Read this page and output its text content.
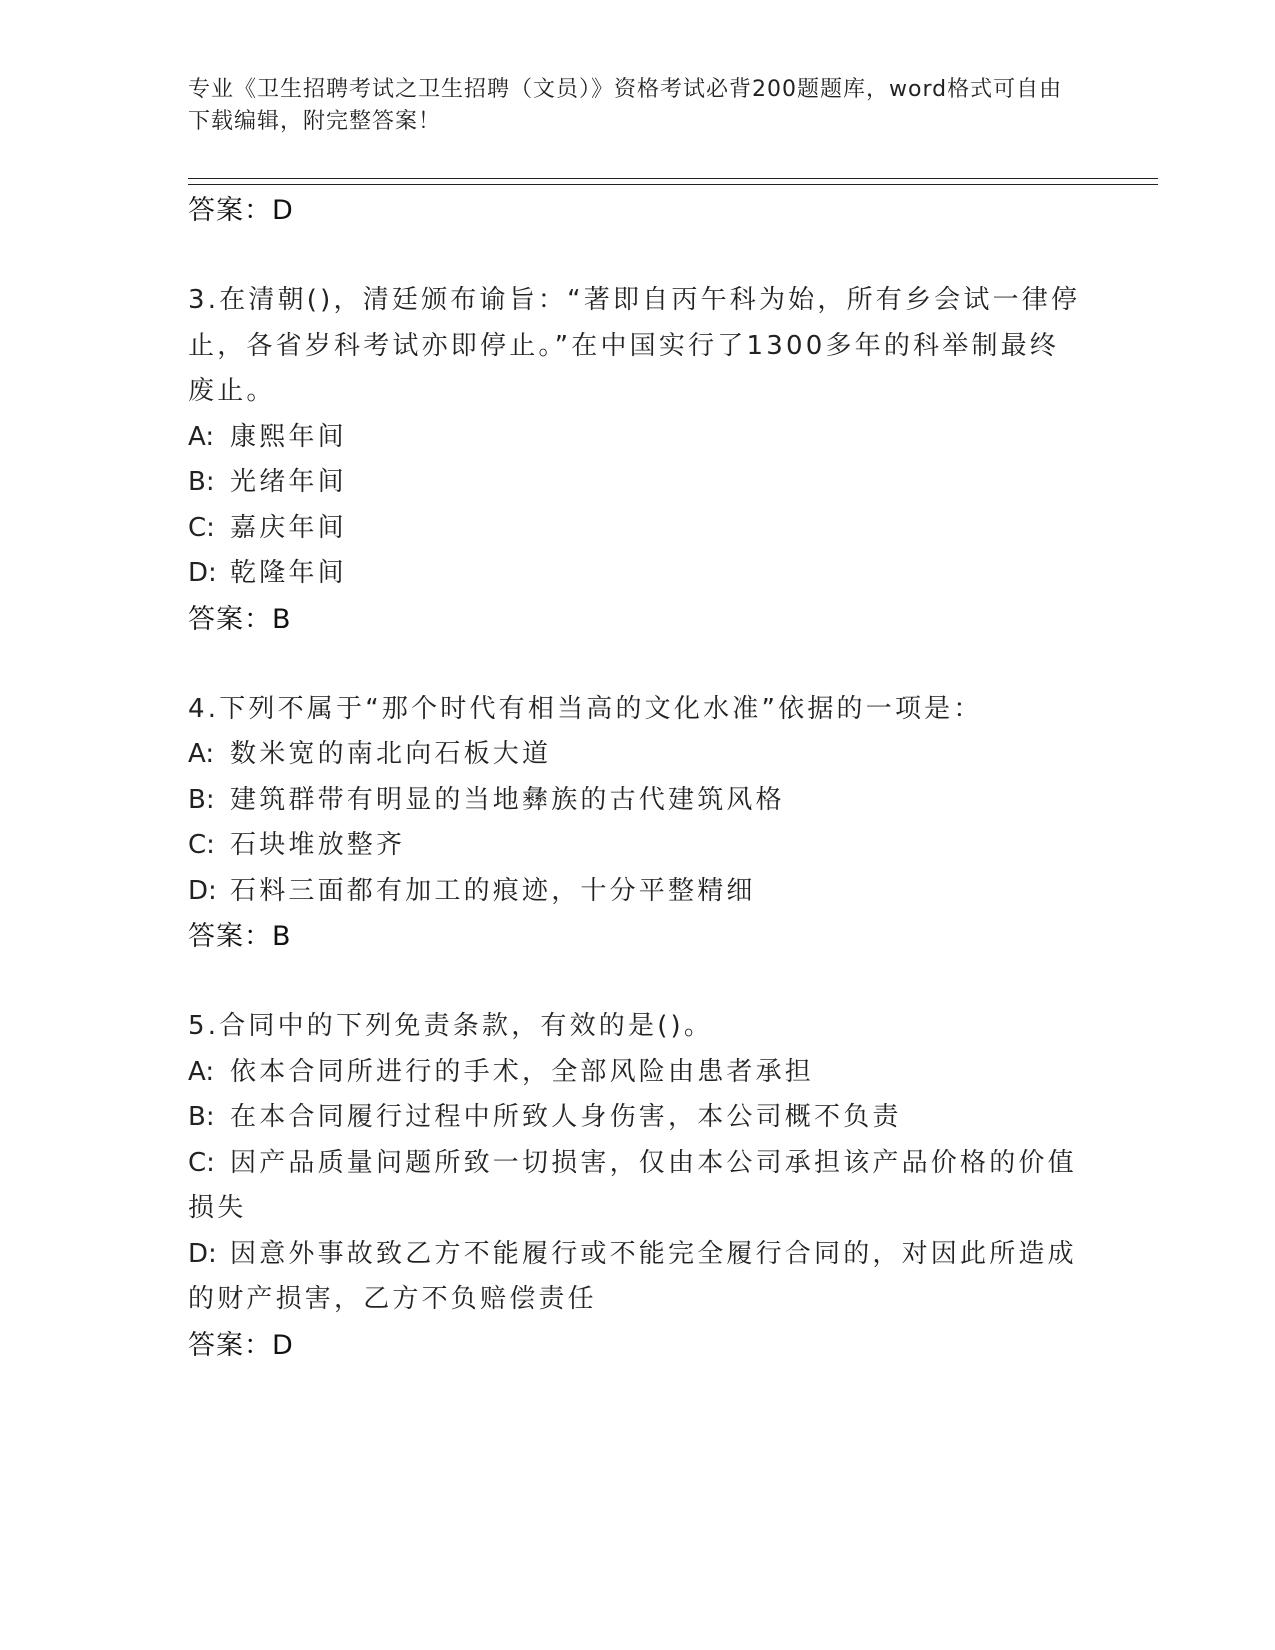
专业《卫生招聘考试之卫生招聘（文员）》资格考试必背200题题库，word格式可自由下载编辑，附完整答案！

答案：D

3.在清朝()，清廷颁布谕旨：“著即自丙午科为始，所有乡会试一律停止，各省岁科考试亦即停止。”在中国实行了1300多年的科举制最终废止。

A: 康熙年间

B: 光绪年间

C: 嘉庆年间

D: 乾隆年间

答案：B

4.下列不属于“那个时代有相当高的文化水准”依据的一项是：

A: 数米宽的南北向石板大道

B: 建筑群带有明显的当地彝族的古代建筑风格

C: 石块堆放整齐

D: 石料三面都有加工的痕迹，十分平整精细

答案：B

5.合同中的下列免责条款，有效的是()。

A: 依本合同所进行的手术，全部风险由患者承担

B: 在本合同履行过程中所致人身伤害，本公司概不负责

C: 因产品质量问题所致一切损害，仅由本公司承担该产品价格的价值损失

D: 因意外事故致乙方不能履行或不能完全履行合同的，对因此所造成的财产损害，乙方不负赔偿责任

答案：D
